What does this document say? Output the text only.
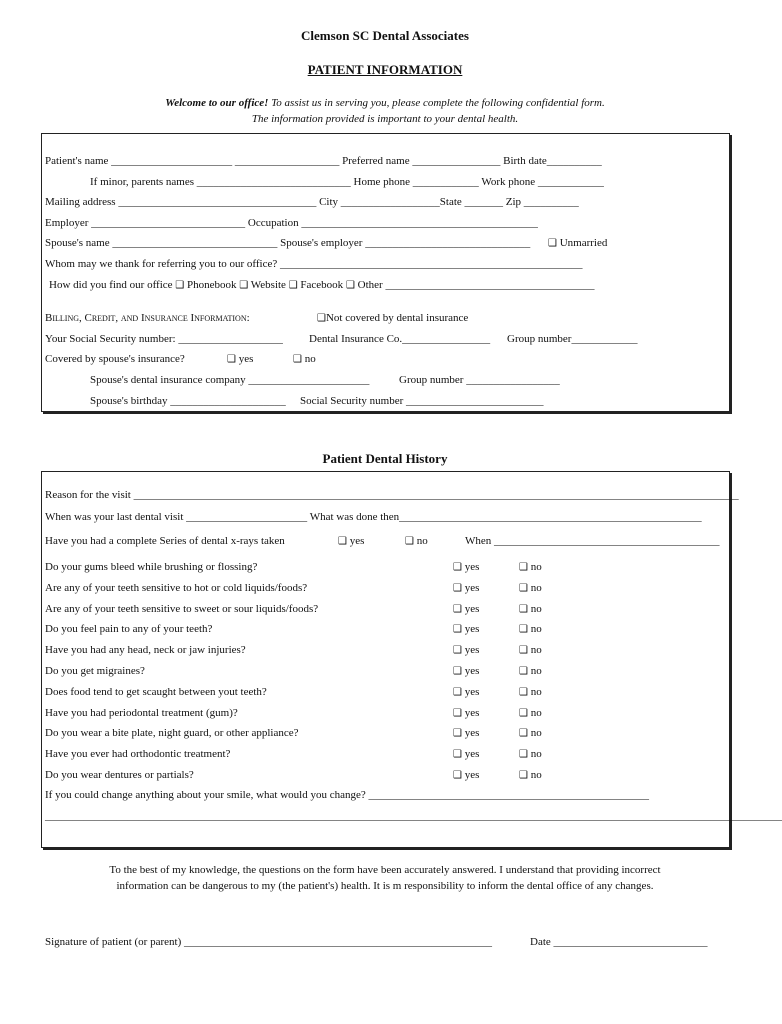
Clemson SC Dental Associates
PATIENT INFORMATION
Welcome to our office! To assist us in serving you, please complete the following confidential form.
The information provided is important to your dental health.
Patient's name ______________________ ___________________ Preferred name ________________ Birth date__________
If minor, parents names ____________________________ Home phone ____________ Work phone ____________
Mailing address ____________________________________ City __________________State _______ Zip __________
Employer ____________________________ Occupation ___________________________________________
Spouse's name ______________________________ Spouse's employer ______________________________ ❑ Unmarried
Whom may we thank for referring you to our office? _______________________________________________________
How did you find our office ❑ Phonebook ❑ Website ❑ Facebook ❑ Other ______________________________________
Billing, Credit, and Insurance Information:	❑Not covered by dental insurance
Your Social Security number: ___________________ Dental Insurance Co.________________ Group number____________
Covered by spouse's insurance?	❑ yes	❑ no
Spouse's dental insurance company ______________________	Group number _________________
Spouse's birthday _____________________ Social Security number _________________________
Patient Dental History
Reason for the visit ______________________________________________________________________________________________________________
When was your last dental visit ______________________ What was done then_______________________________________________________
Have you had a complete Series of dental x-rays taken	❑ yes	❑ no	When _________________________________________
Do your gums bleed while brushing or flossing?	❑ yes	❑ no
Are any of your teeth sensitive to hot or cold liquids/foods?	❑ yes	❑ no
Are any of your teeth sensitive to sweet or sour liquids/foods?	❑ yes	❑ no
Do you feel pain to any of your teeth?	❑ yes	❑ no
Have you had any head, neck or jaw injuries?	❑ yes	❑ no
Do you get migraines?	❑ yes	❑ no
Does food tend to get scaught between yout teeth?	❑ yes	❑ no
Have you had periodontal treatment (gum)?	❑ yes	❑ no
Do you wear a bite plate, night guard, or other appliance?	❑ yes	❑ no
Have you ever had orthodontic treatment?	❑ yes	❑ no
Do you wear dentures or partials?	❑ yes	❑ no
If you could change anything about your smile, what would you change? ___________________________________________________
______________________________________________________________________________________________________________________________________
To the best of my knowledge, the questions on the form have been accurately answered. I understand that providing incorrect
information can be dangerous to my (the patient's) health. It is m responsibility to inform the dental office of any changes.
Signature of patient (or parent) ________________________________________________________	Date ____________________________
